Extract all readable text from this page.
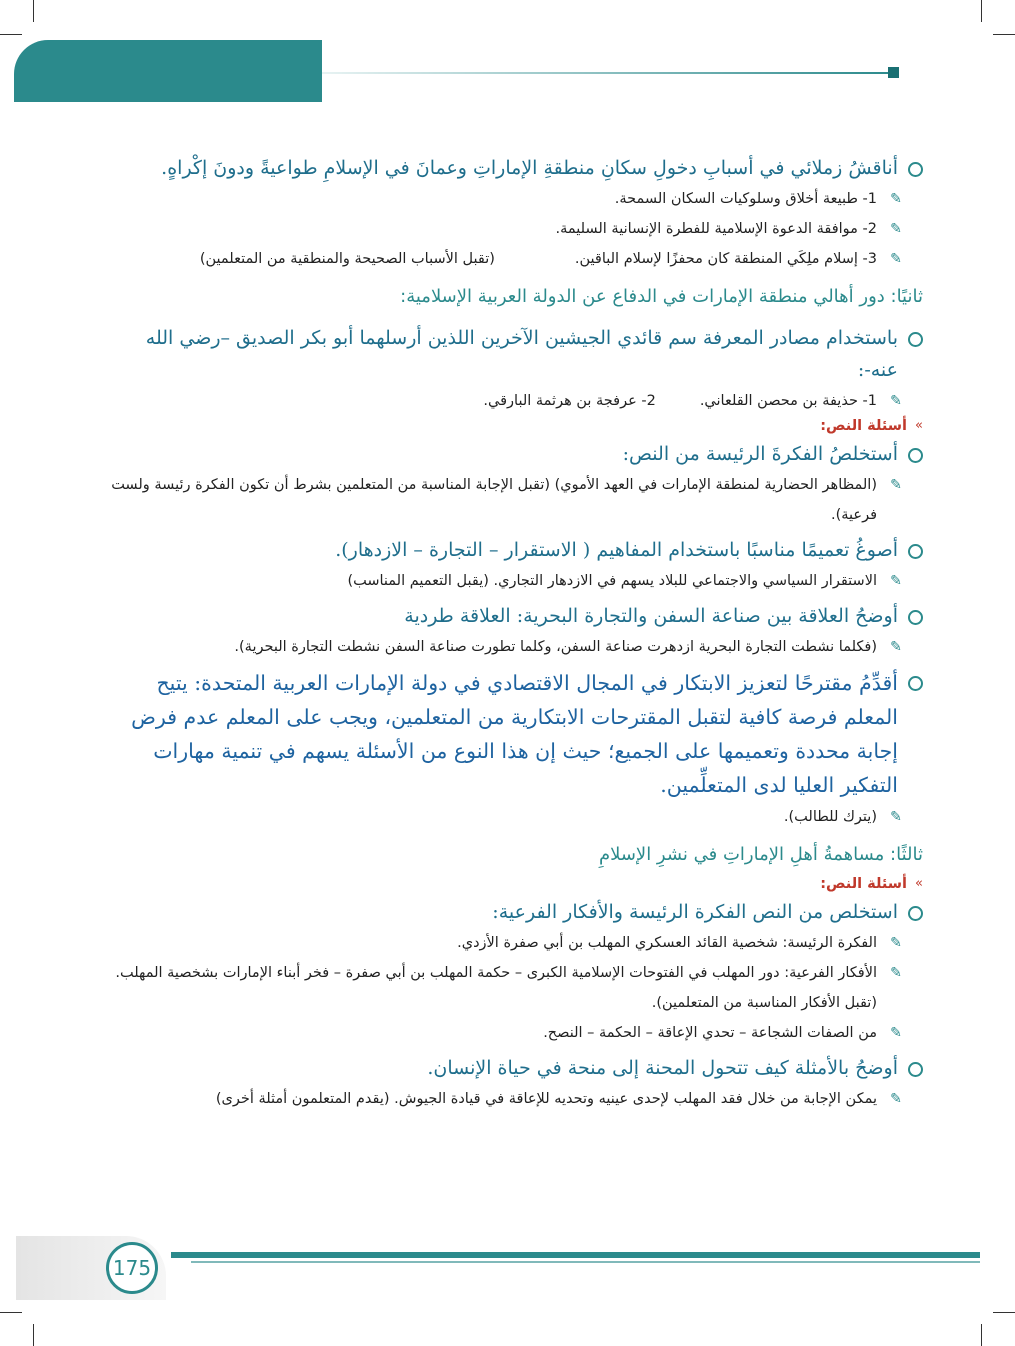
أناقشُ زملائي في أسبابِ دخولِ سكانِ منطقةِ الإماراتِ وعمانَ في الإسلامِ طواعيةً ودونَ إكْراهٍ.
✎
1- طبيعة أخلاق وسلوكيات السكان السمحة.
✎
2- موافقة الدعوة الإسلامية للفطرة الإنسانية السليمة.
✎
3- إسلام ملِكَي المنطقة كان محفزًا لإسلام الباقين.(تقبل الأسباب الصحيحة والمنطقية من المتعلمين)
ثانيًا: دور أهالي منطقة الإمارات في الدفاع عن الدولة العربية الإسلامية:
باستخدام مصادر المعرفة سم قائدي الجيشين الآخرين اللذين أرسلهما أبو بكر الصديق –رضي الله عنه-:
✎
1- حذيفة بن محصن القلعاني.2- عرفجة بن هرثمة البارقي.
»
أسئلة النص:
أستخلصُ الفكرةَ الرئيسة من النص:
✎
(المظاهر الحضارية لمنطقة الإمارات في العهد الأموي) (تقبل الإجابة المناسبة من المتعلمين بشرط أن تكون الفكرة رئيسة ولست فرعية).
أصوغُ تعميمًا مناسبًا باستخدام المفاهيم ( الاستقرار – التجارة – الازدهار).
✎
الاستقرار السياسي والاجتماعي للبلاد يسهم في الازدهار التجاري. (يقبل التعميم المناسب)
أوضحُ العلاقة بين صناعة السفن والتجارة البحرية: العلاقة طردية
✎
(فكلما نشطت التجارة البحرية ازدهرت صناعة السفن، وكلما تطورت صناعة السفن نشطت التجارة البحرية).
أقدِّمُ مقترحًا لتعزيز الابتكار في المجال الاقتصادي في دولة الإمارات العربية المتحدة: يتيح المعلم فرصة كافية لتقبل المقترحات الابتكارية من المتعلمين، ويجب على المعلم عدم فرض إجابة محددة وتعميمها على الجميع؛ حيث إن هذا النوع من الأسئلة يسهم في تنمية مهارات التفكير العليا لدى المتعلِّمين.
✎
(يترك للطالب).
ثالثًا: مساهمةُ أهلِ الإماراتِ في نشرِ الإسلامِ
»
أسئلة النص:
استخلص من النص الفكرة الرئيسة والأفكار الفرعية:
✎
الفكرة الرئيسة: شخصية القائد العسكري المهلب بن أبي صفرة الأزدي.
✎
الأفكار الفرعية: دور المهلب في الفتوحات الإسلامية الكبرى – حكمة المهلب بن أبي صفرة – فخر أبناء الإمارات بشخصية المهلب. (تقبل الأفكار المناسبة من المتعلمين).
✎
من الصفات الشجاعة – تحدي الإعاقة – الحكمة – النصح.
أوضحُ بالأمثلة كيف تتحول المحنة إلى منحة في حياة الإنسان.
✎
يمكن الإجابة من خلال فقد المهلب لإحدى عينيه وتحديه للإعاقة في قيادة الجيوش. (يقدم المتعلمون أمثلة أخرى)
175
